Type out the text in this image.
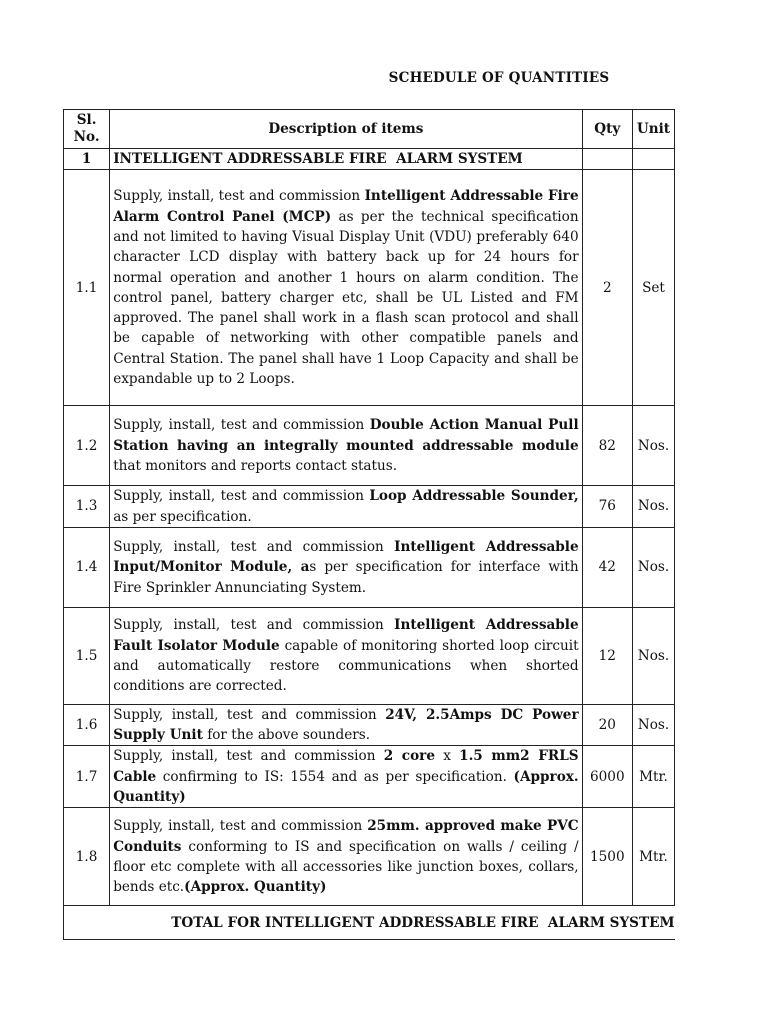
SCHEDULE OF QUANTITIES
Sl. No.	Description of items	Qty	Unit
1	INTELLIGENT ADDRESSABLE FIRE  ALARM SYSTEM		
1.1	Supply, install, test and commission Intelligent Addressable Fire Alarm Control Panel (MCP) as per the technical specification and not limited to having Visual Display Unit (VDU) preferably 640 character LCD display with battery back up for 24 hours for normal operation and another 1 hours on alarm condition. The control panel, battery charger etc, shall be UL Listed and FM approved. The panel shall work in a flash scan protocol and shall be capable of networking with other compatible panels and Central Station. The panel shall have 1 Loop Capacity and shall be expandable up to 2 Loops.	2	Set
1.2	Supply, install, test and commission Double Action Manual Pull Station having an integrally mounted addressable module that monitors and reports contact status.	82	Nos.
1.3	Supply, install, test and commission Loop Addressable Sounder, as per specification.	76	Nos.
1.4	Supply, install, test and commission Intelligent Addressable Input/Monitor Module, as per specification for interface with Fire Sprinkler Annunciating System.	42	Nos.
1.5	Supply, install, test and commission Intelligent Addressable Fault Isolator Module capable of monitoring shorted loop circuit and automatically restore communications when shorted conditions are corrected.	12	Nos.
1.6	Supply, install, test and commission 24V, 2.5Amps DC Power Supply Unit for the above sounders.	20	Nos.
1.7	Supply, install, test and commission 2 core x 1.5 mm2 FRLS Cable confirming to IS: 1554 and as per specification. (Approx. Quantity)	6000	Mtr.
1.8	Supply, install, test and commission 25mm. approved make PVC Conduits conforming to IS and specification on walls / ceiling / floor etc complete with all accessories like junction boxes, collars, bends etc.(Approx. Quantity)	1500	Mtr.
TOTAL FOR INTELLIGENT ADDRESSABLE FIRE  ALARM SYSTEM			
